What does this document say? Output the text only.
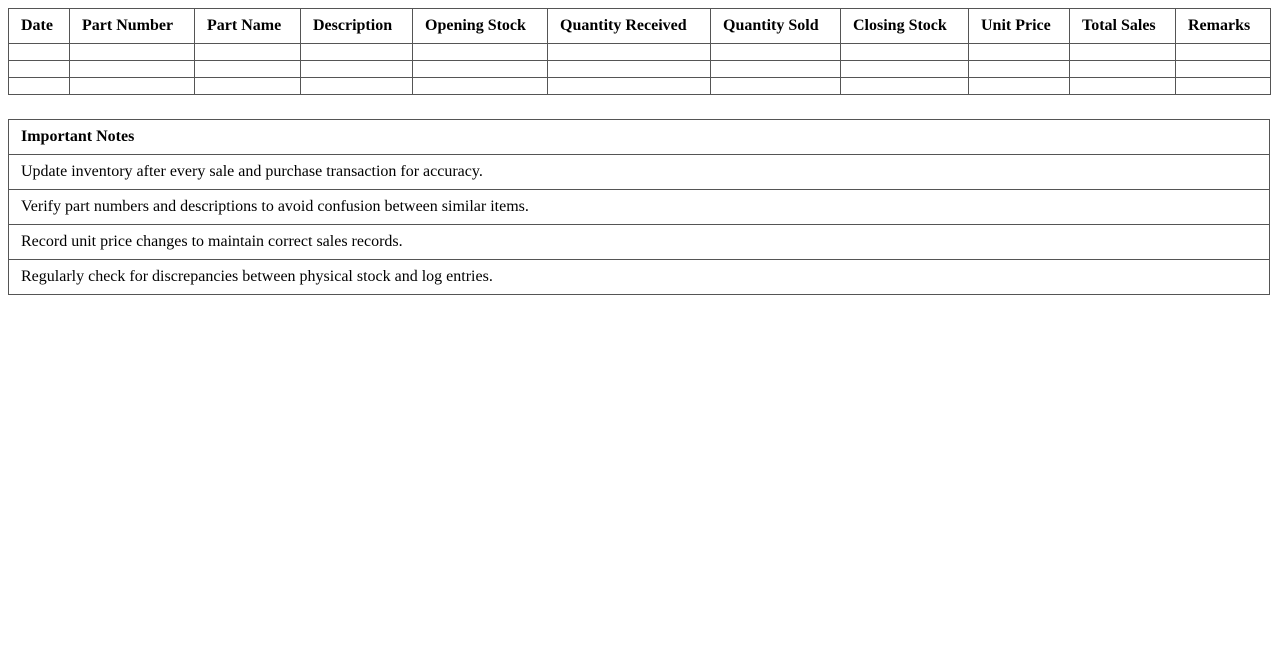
Date	Part Number	Part Name	Description	Opening Stock	Quantity Received	Quantity Sold	Closing Stock	Unit Price	Total Sales	Remarks

Important Notes
Update inventory after every sale and purchase transaction for accuracy.
Verify part numbers and descriptions to avoid confusion between similar items.
Record unit price changes to maintain correct sales records.
Regularly check for discrepancies between physical stock and log entries.
